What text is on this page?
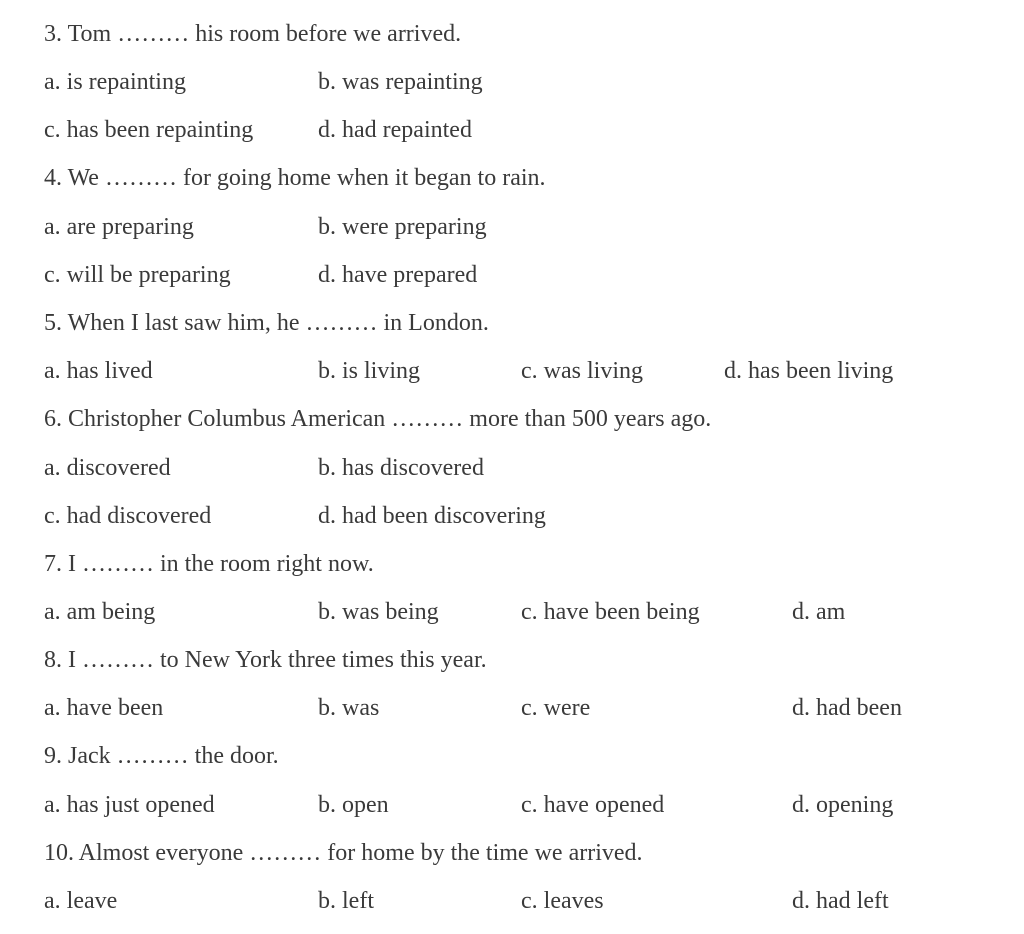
3. Tom ……… his room before we arrived.
a. is repainting	b. was repainting
c. has been repainting	d. had repainted
4. We ……… for going home when it began to rain.
a. are preparing	b. were preparing
c. will be preparing	d. have prepared
5. When I last saw him, he ……… in London.
a. has lived	b. is living	c. was living	d. has been living
6. Christopher Columbus American ……… more than 500 years ago.
a. discovered	b. has discovered
c. had discovered	d. had been discovering
7. I ……… in the room right now.
a. am being	b. was being	c. have been being	d. am
8. I ……… to New York three times this year.
a. have been	b. was	c. were	d. had been
9. Jack ……… the door.
a. has just opened	b. open	c. have opened	d. opening
10. Almost everyone ……… for home by the time we arrived.
a. leave	b. left	c. leaves	d. had left
